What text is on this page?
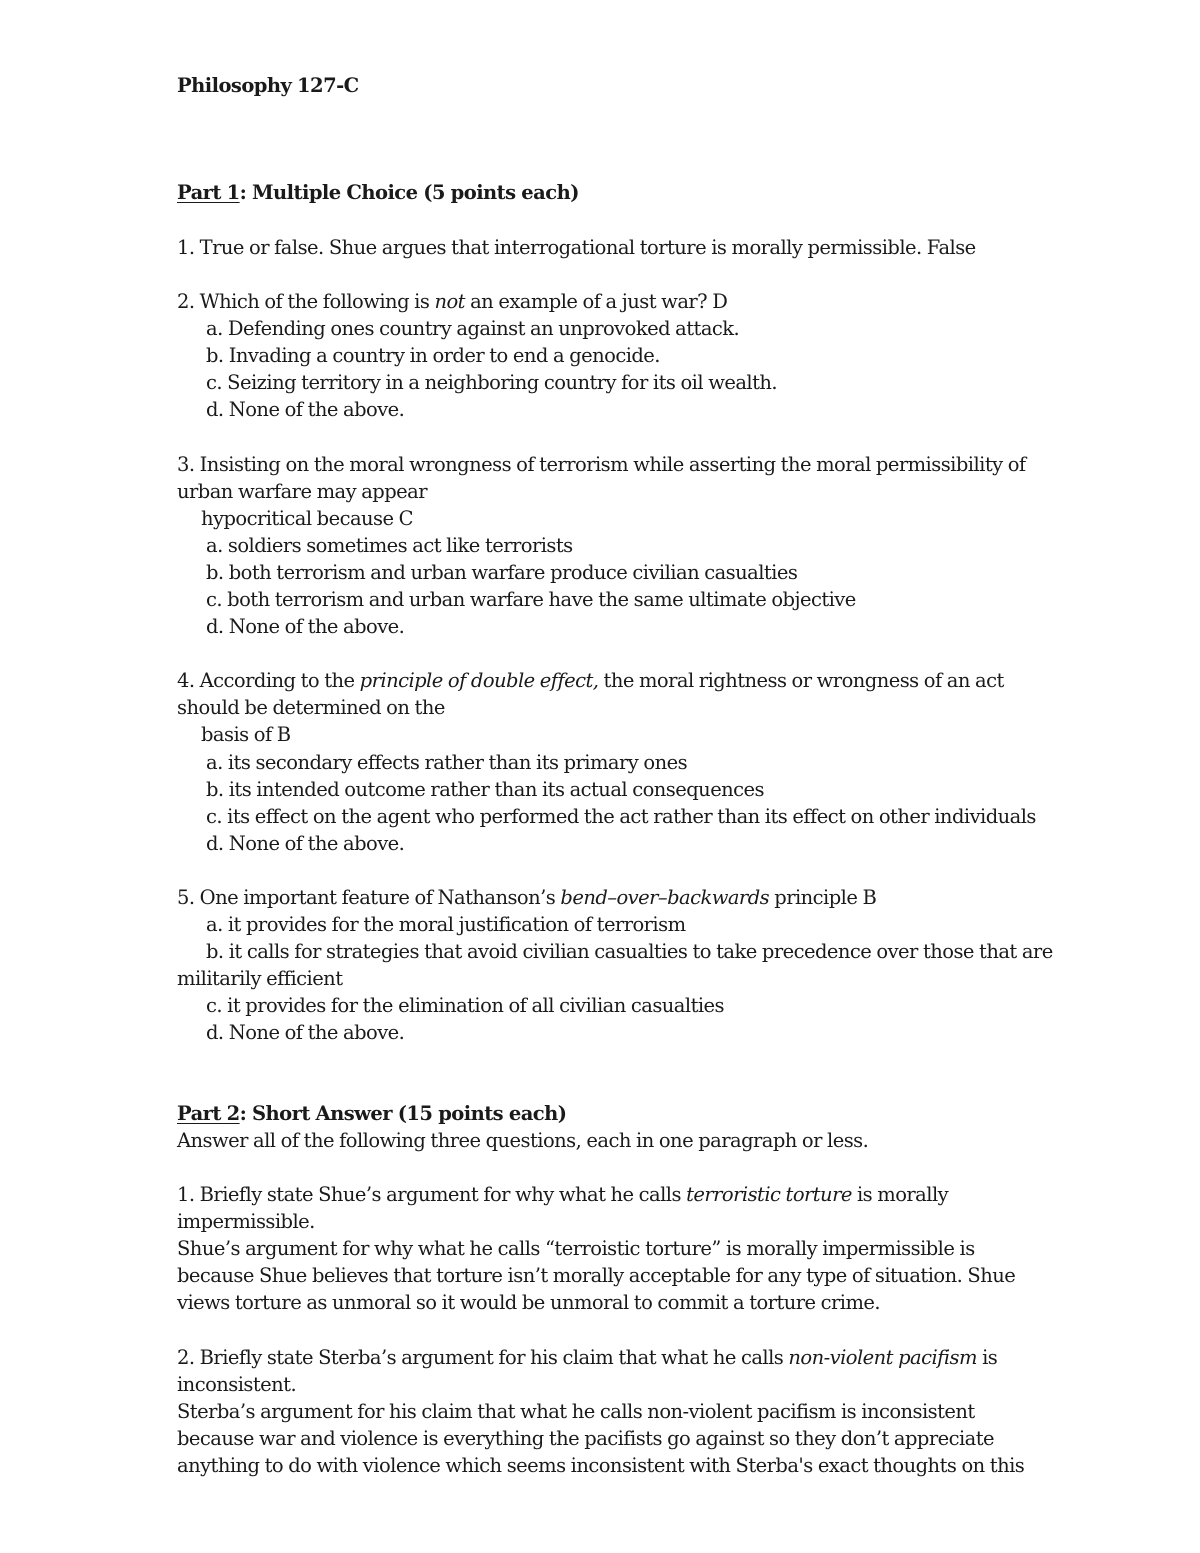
Philosophy 127-C
Part 1: Multiple Choice (5 points each)
1. True or false. Shue argues that interrogational torture is morally permissible. False
2. Which of the following is not an example of a just war? D
a. Defending ones country against an unprovoked attack.
b. Invading a country in order to end a genocide.
c. Seizing territory in a neighboring country for its oil wealth.
d. None of the above.
3. Insisting on the moral wrongness of terrorism while asserting the moral permissibility of
urban warfare may appear
hypocritical because C
a. soldiers sometimes act like terrorists
b. both terrorism and urban warfare produce civilian casualties
c. both terrorism and urban warfare have the same ultimate objective
d. None of the above.
4. According to the principle of double effect, the moral rightness or wrongness of an act
should be determined on the
basis of B
a. its secondary effects rather than its primary ones
b. its intended outcome rather than its actual consequences
c. its effect on the agent who performed the act rather than its effect on other individuals
d. None of the above.
5. One important feature of Nathanson’s bend–over–backwards principle B
a. it provides for the moral justification of terrorism
b. it calls for strategies that avoid civilian casualties to take precedence over those that are
militarily efficient
c. it provides for the elimination of all civilian casualties
d. None of the above.
Part 2: Short Answer (15 points each)
Answer all of the following three questions, each in one paragraph or less.
1. Briefly state Shue’s argument for why what he calls terroristic torture is morally
impermissible.
Shue’s argument for why what he calls “terroistic torture” is morally impermissible is
because Shue believes that torture isn’t morally acceptable for any type of situation. Shue
views torture as unmoral so it would be unmoral to commit a torture crime.
2. Briefly state Sterba’s argument for his claim that what he calls non-violent pacifism is
inconsistent.
Sterba’s argument for his claim that what he calls non-violent pacifism is inconsistent
because war and violence is everything the pacifists go against so they don’t appreciate
anything to do with violence which seems inconsistent with Sterba's exact thoughts on this
